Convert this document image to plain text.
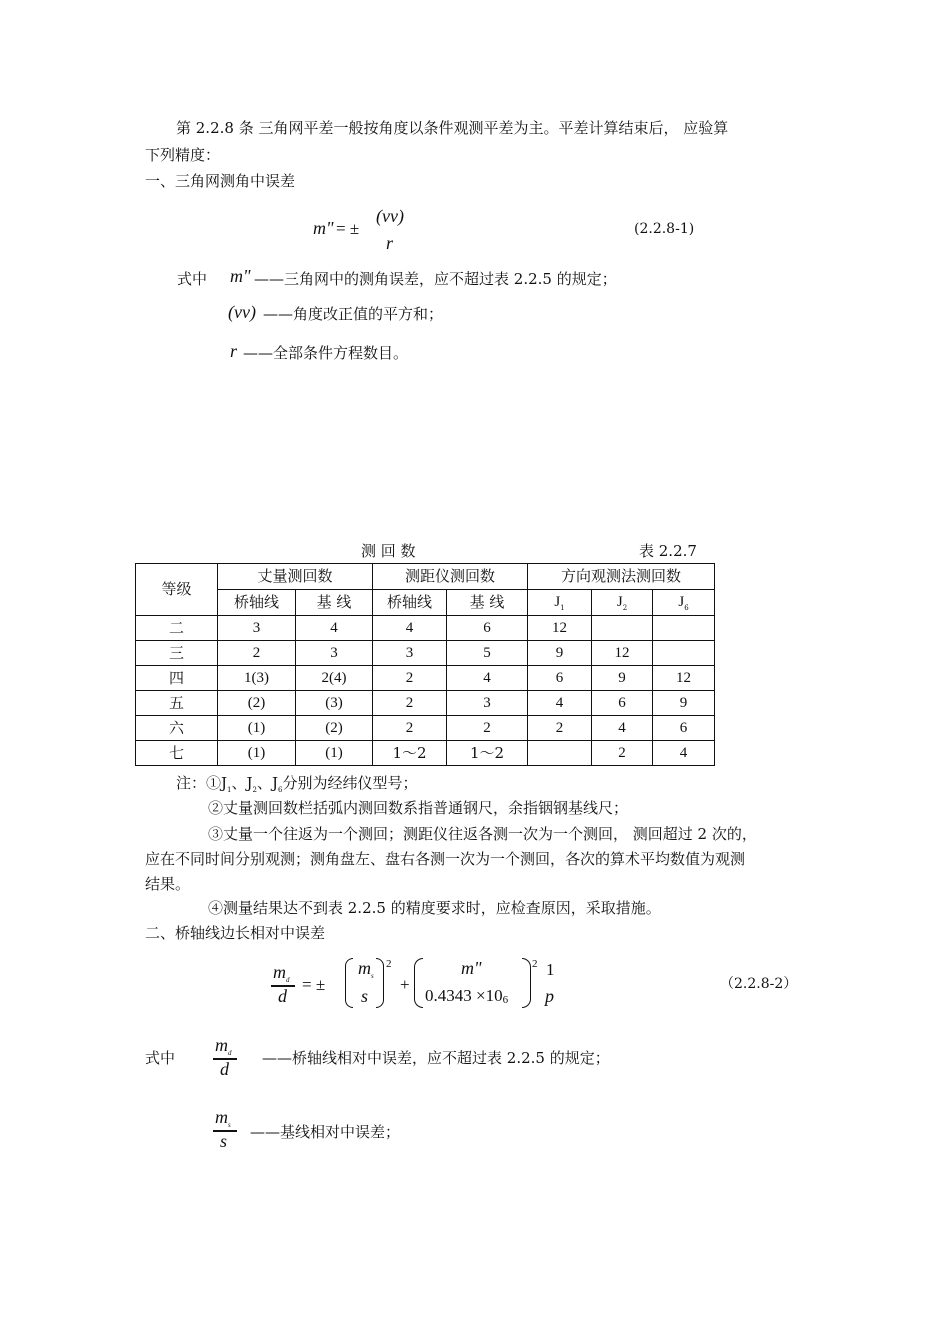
第 2.2.8 条 三角网平差一般按角度以条件观测平差为主。平差计算结束后， 应验算
下列精度：
一、三角网测角中误差
m" = ±
(vv)
r
(2.2.8-1)
式中 m" ——三角网中的测角误差，应不超过表 2.2.5 的规定；
(vv) ——角度改正值的平方和；
r ——全部条件方程数目。
测 回 数	表 2.2.7
等级	丈量测回数		测距仪测回数		方向观测法测回数		
	桥轴线	基 线	桥轴线	基 线	$J_1$	$J_2$	$J_6$
二	3	4	4	6	12		
三	2	3	3	5	9	12	
四	1(3)	2(4)	2	4	6	9	12
五	(2)	(3)	2	3	4	6	9
六	(1)	(2)	2	2	2	4	6
七	(1)	(1)	1～2	1～2		2	4
注：$①J_1$、$J_2$、$J_6$分别为经纬仪型号；
②丈量测回数栏括弧内测回数系指普通钢尺，余指铟钢基线尺；
③丈量一个往返为一个测回；测距仪往返各测一次为一个测回， 测回超过 2 次的，
应在不同时间分别观测；测角盘左、盘右各测一次为一个测回，各次的算术平均数值为观测
结果。
④测量结果达不到表 2.2.5 的精度要求时，应检查原因，采取措施。
二、桥轴线边长相对中误差
$m_d$
d
= ±
$m_s$
s
2
+
m"
0.4343 ×106
2 1
p
（2.2.8-2）
式中
$m_d$
d
——桥轴线相对中误差，应不超过表 2.2.5 的规定；
$m_s$
s ——基线相对中误差；
